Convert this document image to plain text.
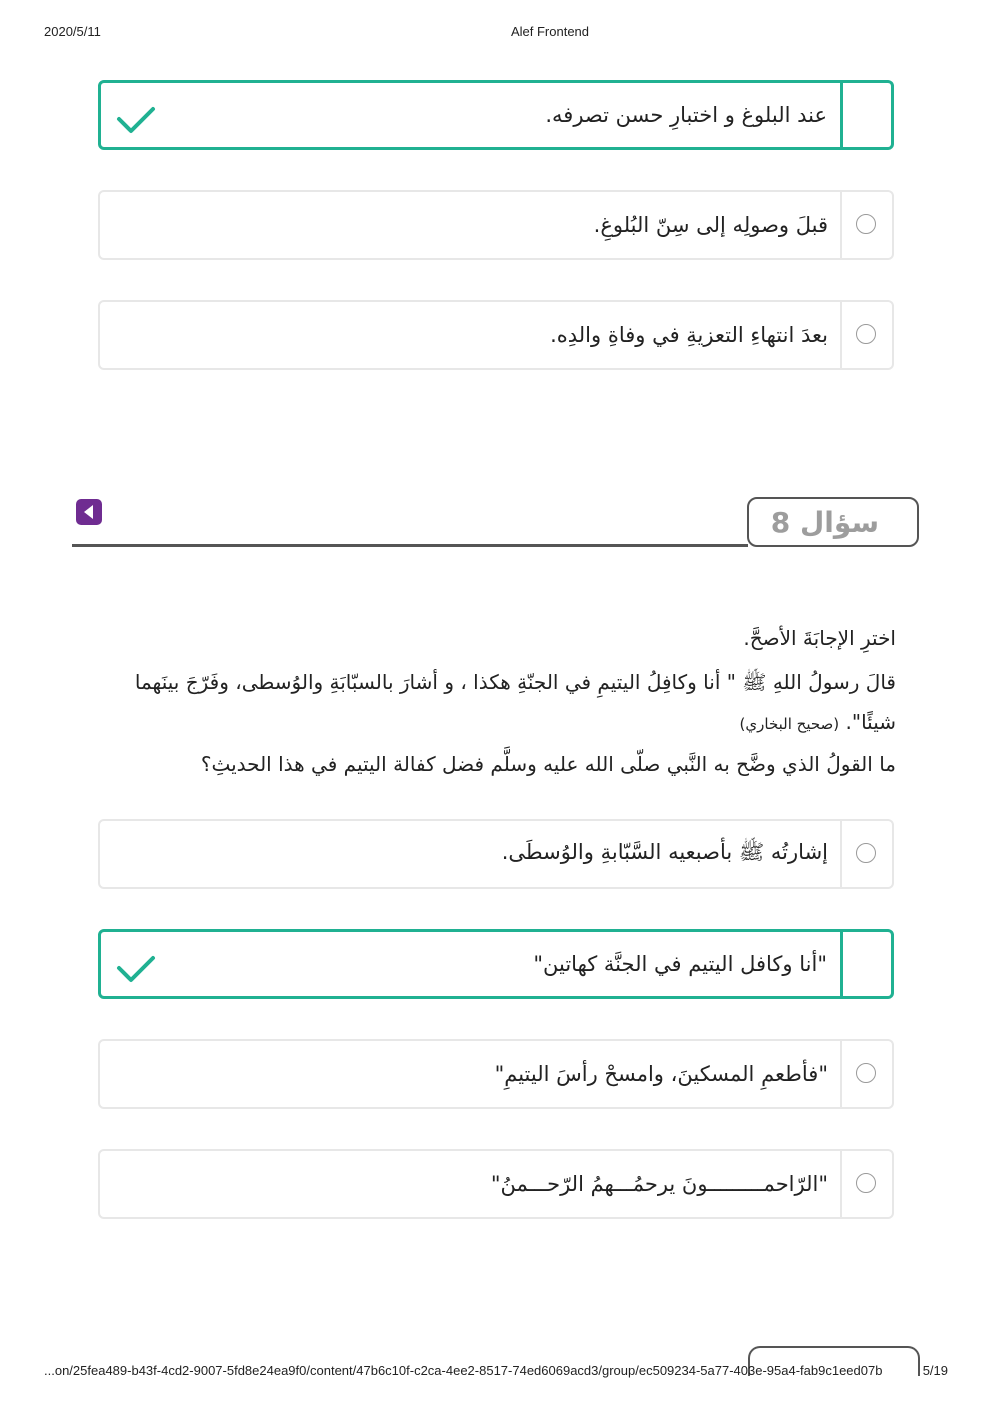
2020/5/11	Alef Frontend
عند البلوغ و اختبارِ حسن تصرفه.
قبلَ وصولِه إلى سِنّ البُلوغِ.
بعدَ انتهاءِ التعزيةِ في وفاةِ والدِه.
سؤال 8
اخترِ الإجابَةَ الأصحَّ.
قالَ رسولُ اللهِ ﷺ " أنا وكافِلُ اليتيمِ في الجنّةِ هكذا ، و أشارَ بالسبّابَةِ والوُسطى، وفَرّجَ بينَهما
شيئًا". (صحيح البخاري)
ما القولُ الذي وضَّح به النَّبي صلّى الله عليه وسلَّم فضل كفالة اليتيم في هذا الحديثِ؟
إشارتُه ﷺ بأصبعيه السَّبّابةِ والوُسطَى.
"أنا وكافل اليتيم في الجنَّة كهاتين"
"فأطعمِ المسكينَ، وامسحْ رأسَ اليتيمِ"
"الرّاحمـــــــــونَ يرحمُـــهمُ الرّحـــمنُ"
...on/25fea489-b43f-4cd2-9007-5fd8e24ea9f0/content/47b6c10f-c2ca-4ee2-8517-74ed6069acd3/group/ec509234-5a77-403e-95a4-fab9c1eed07b	5/19
